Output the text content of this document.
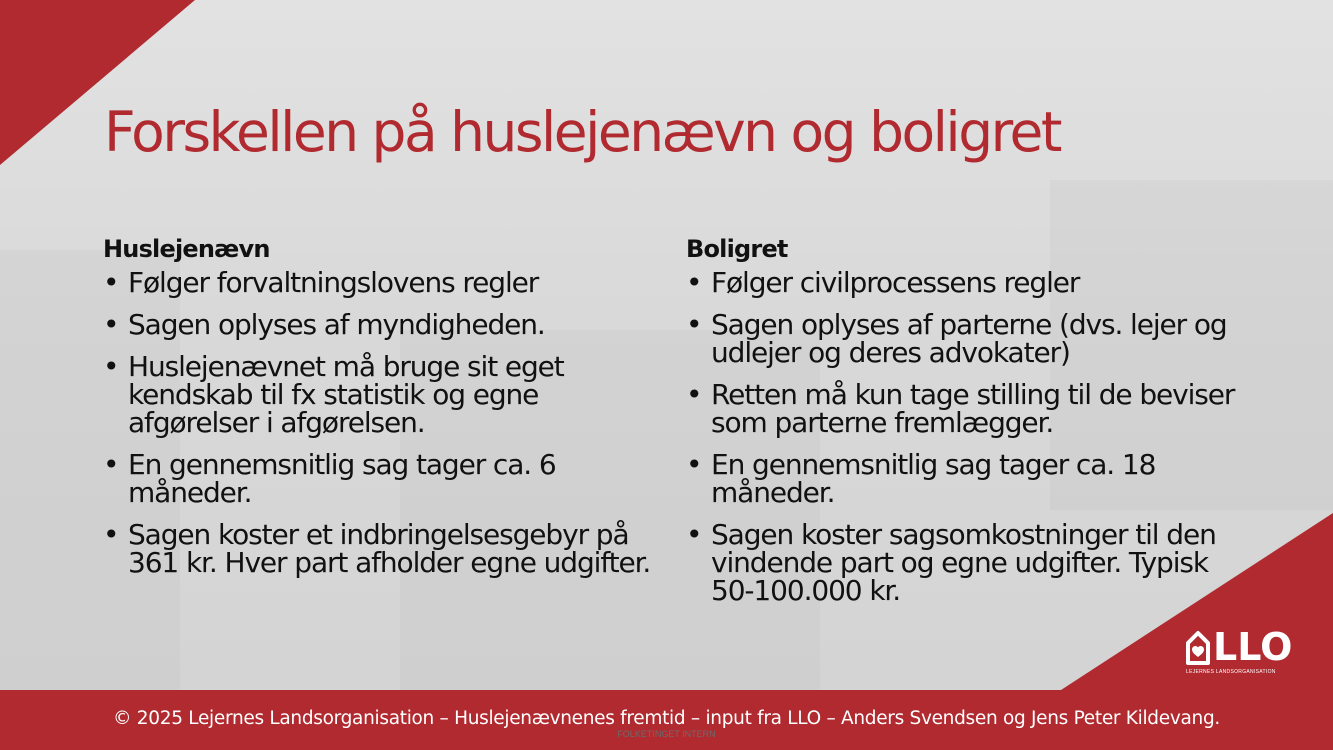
Forskellen på huslejenævn og boligret
Huslejenævn
• Følger forvaltningslovens regler
• Sagen oplyses af myndigheden.
• Huslejenævnet må bruge sit eget kendskab til fx statistik og egne afgørelser i afgørelsen.
• En gennemsnitlig sag tager ca. 6 måneder.
• Sagen koster et indbringelsesgebyr på 361 kr. Hver part afholder egne udgifter.
Boligret
• Følger civilprocessens regler
• Sagen oplyses af parterne (dvs. lejer og udlejer og deres advokater)
• Retten må kun tage stilling til de beviser som parterne fremlægger.
• En gennemsnitlig sag tager ca. 18 måneder.
• Sagen koster sagsomkostninger til den vindende part og egne udgifter. Typisk 50-100.000 kr.
LLO
LEJERNES LANDSORGANISATION
© 2025 Lejernes Landsorganisation – Huslejenævnenes fremtid – input fra LLO – Anders Svendsen og Jens Peter Kildevang.
FOLKETINGET INTERN
